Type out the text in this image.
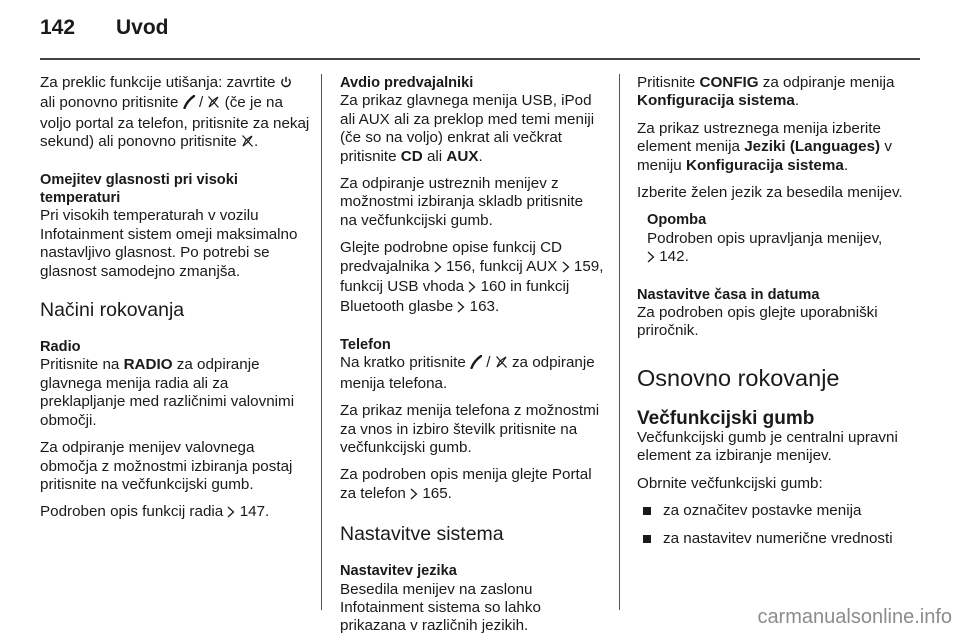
142 Uvod

Za preklic funkcije utišanja: zavrtite  ali ponovno pritisnite / (če je na voljo portal za telefon, pritisnite za nekaj sekund) ali ponovno pritisnite .

Omejitev glasnosti pri visoki temperaturi

Pri visokih temperaturah v vozilu Infotainment sistem omeji maksimalno nastavljivo glasnost. Po potrebi se glasnost samodejno zmanjša.

Načini rokovanja

Radio

Pritisnite na RADIO za odpiranje glavnega menija radia ali za preklapljanje med različnimi valovnimi območji.

Za odpiranje menijev valovnega območja z možnostmi izbiranja postaj pritisnite na večfunkcijski gumb.

Podroben opis funkcij radia 147.

Avdio predvajalniki

Za prikaz glavnega menija USB, iPod ali AUX ali za preklop med temi meniji (če so na voljo) enkrat ali večkrat pritisnite CD ali AUX.

Za odpiranje ustreznih menijev z možnostmi izbiranja skladb pritisnite na večfunkcijski gumb.

Glejte podrobne opise funkcij CD predvajalnika 156, funkcij AUX 159, funkcij USB vhoda 160 in funkcij Bluetooth glasbe 163.

Telefon

Na kratko pritisnite / za odpiranje menija telefona.

Za prikaz menija telefona z možnostmi za vnos in izbiro številk pritisnite na večfunkcijski gumb.

Za podroben opis menija glejte Portal za telefon 165.

Nastavitve sistema

Nastavitev jezika

Besedila menijev na zaslonu Infotainment sistema so lahko prikazana v različnih jezikih.

Pritisnite CONFIG za odpiranje menija Konfiguracija sistema.

Za prikaz ustreznega menija izberite element menija Jeziki (Languages) v meniju Konfiguracija sistema.

Izberite želen jezik za besedila menijev.

Opomba

Podroben opis upravljanja menijev,
142.

Nastavitve časa in datuma

Za podroben opis glejte uporabniški priročnik.

Osnovno rokovanje

Večfunkcijski gumb

Večfunkcijski gumb je centralni upravni element za izbiranje menijev.

Obrnite večfunkcijski gumb:

za označitev postavke menija

za nastavitev numerične vrednosti

carmanualsonline.info
